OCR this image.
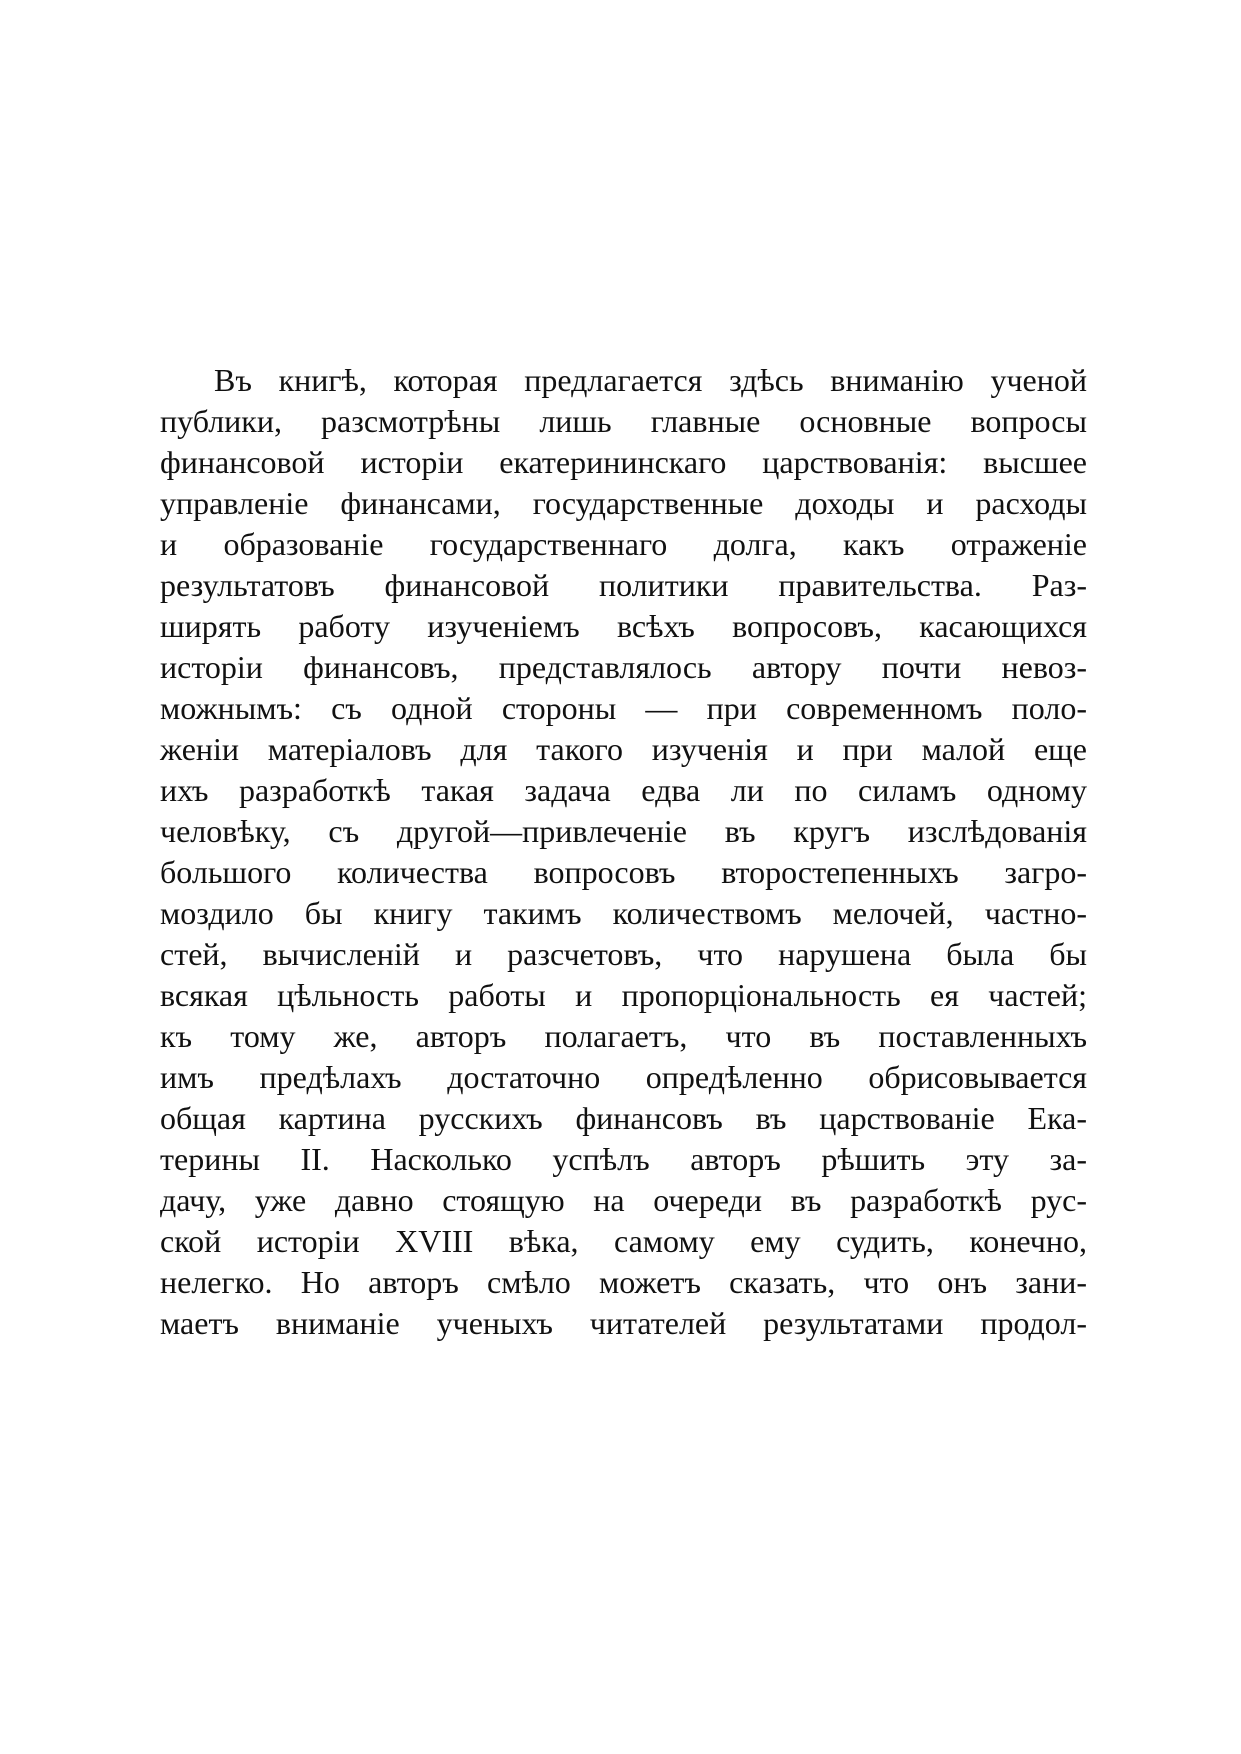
Въ книгѣ, которая предлагается здѣсь вниманію ученой
публики, разсмотрѣны лишь главные основные вопросы
финансовой исторіи екатерининскаго царствованія: высшее
управленіе финансами, государственные доходы и расходы
и образованіе государственнаго долга, какъ отраженіе
результатовъ финансовой политики правительства. Раз-
ширять работу изученіемъ всѣхъ вопросовъ, касающихся
исторіи финансовъ, представлялось автору почти невоз-
можнымъ: съ одной стороны — при современномъ поло-
женіи матеріаловъ для такого изученія и при малой еще
ихъ разработкѣ такая задача едва ли по силамъ одному
человѣку, съ другой—привлеченіе въ кругъ изслѣдованія
большого количества вопросовъ второстепенныхъ загро-
моздило бы книгу такимъ количествомъ мелочей, частно-
стей, вычисленій и разсчетовъ, что нарушена была бы
всякая цѣльность работы и пропорціональность ея частей;
къ тому же, авторъ полагаетъ, что въ поставленныхъ
имъ предѣлахъ достаточно опредѣленно обрисовывается
общая картина русскихъ финансовъ въ царствованіе Ека-
терины II. Насколько успѣлъ авторъ рѣшить эту за-
дачу, уже давно стоящую на очереди въ разработкѣ рус-
ской исторіи XVIII вѣка, самому ему судить, конечно,
нелегко. Но авторъ смѣло можетъ сказать, что онъ зани-
маетъ вниманіе ученыхъ читателей результатами продол-
